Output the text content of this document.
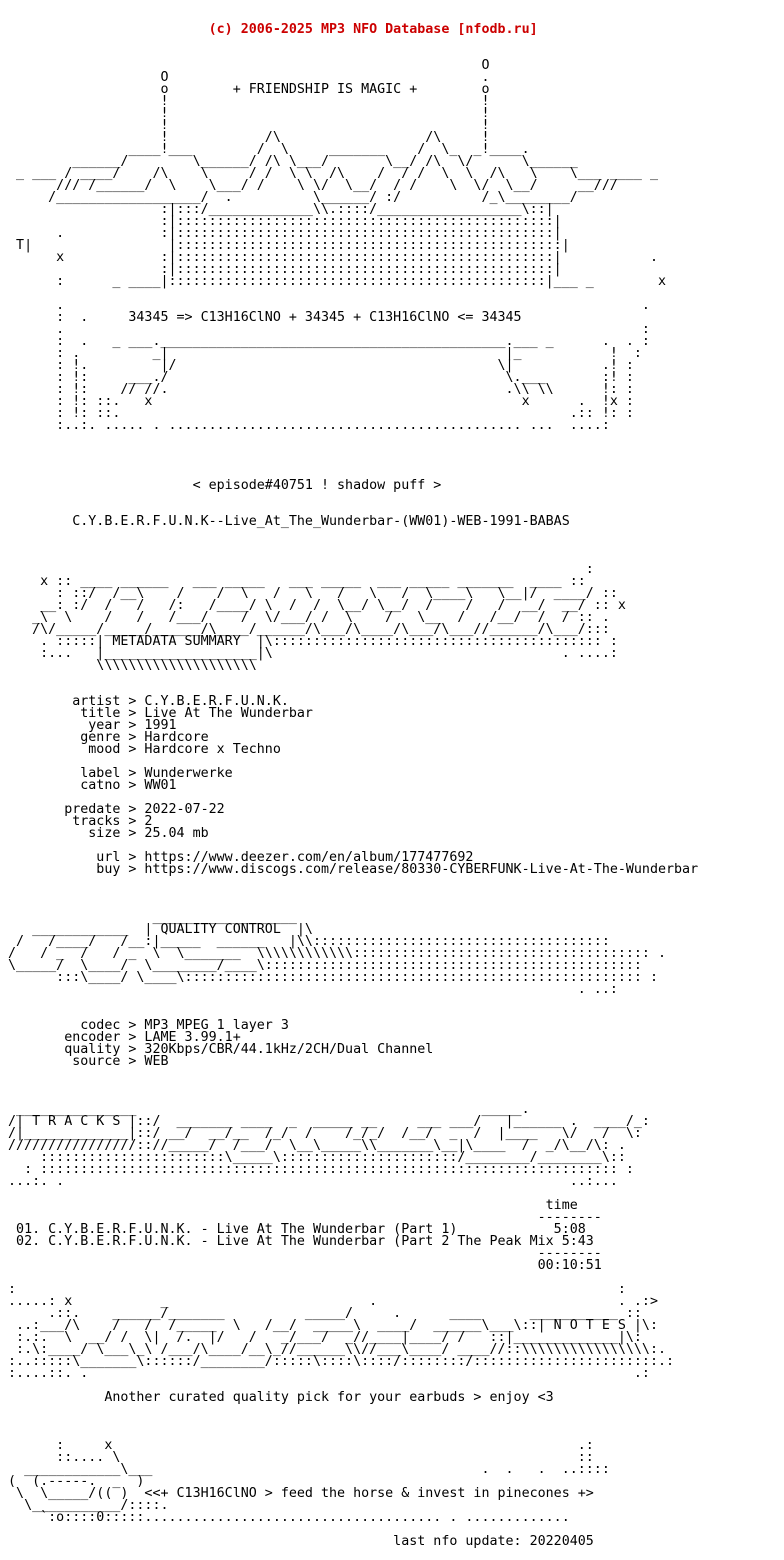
(c) 2006-2025 MP3 NFO Database [nfodb.ru]

O
O                                       .
o        + FRIENDSHIP IS MAGIC +        o
!                                       !
!                                       !
!                                       !
!            /\                  /\     !
____!___        /  \     _______    /  \_  _!____.
______/        \______/ /\ \___/       \__/ /\  \/      \______
_ ___ / ____/    /\    \     / /  \ \  /\    /  / /  \  \  /\   \    \___ ____ _
/// /______/  \    \___/ /    \ \/  \__/  / /    \  \/  \__/     __///
/__________________/  .          \______/ :/          /_\________/
:|:::/_____________\\.::::/__________________\::|
:|:::::::::::::::::::::::::::::::::::::::::::::::|
.            :|:::::::::::::::::::::::::::::::::::::::::::::::|
T|                 |::::::::::::::::::::::::::::::::::::::::::::::::|
x            :|:::::::::::::::::::::::::::::::::::::::::::::::|           .
:|:::::::::::::::::::::::::::::::::::::::::::::::|
:      _ ____|:::::::::::::::::::::::::::::::::::::::::::::::|___ _        x

.                                                                        .
:  .     34345 => C13H16ClNO + 34345 + C13H16ClNO <= 34345
.                                                                        :
:  .   _ ___.___________________________________________.___ _      .  . :
: .         _|                                          |_           !  :
: !.         |/                                        \|           .! :
: !:     ___./                                          \.___       :! :
: !:    // //.                                          .\\ \\      !: :
: !: ::.   x                                              x      .  !x :
: !: ::.                                                        .:: !: :
:..:. ..... . ............................................ ...  ....:

< episode#40751 ! shadow puff >

C.Y.B.E.R.F.U.N.K--Live_At_The_Wunderbar-(WW01)-WEB-1991-BABAS

:
x :: ____ ______   ___ _____   ___ _____  ___ _____ _______  ____ ::
: ::/  /__\    /    /  \   /   \   /   \   /  \____\   \__|/  ____/ ::
__: :/  /   /   /:   /____/ \  /  /  \__/ \__/  /    /   /  __/  __/ :: x
_\  \    /   /   /___/    /  \/___/ /  \    /   \__  /   /__/  /  / :: .
/\/_____/_____/______/\____/______/\___/\____/\___/\___//______/\___/:::
. :::::| METADATA SUMMARY  |\::::::::::::::::::::::::::::::::::::::::: :
:...   |___________________|\                                    . ....:
\\\\\\\\\\\\\\\\\\\\

artist > C.Y.B.E.R.F.U.N.K.
title > Live At The Wunderbar
year > 1991
genre > Hardcore
mood > Hardcore x Techno

label > Wunderwerke
catno > WW01

predate > 2022-07-22
tracks > 2
size > 25.04 mb

url > https://www.deezer.com/en/album/177477692
buy > https://www.discogs.com/release/80330-CYBERFUNK-Live-At-The-Wunderbar

__________________
____________  | QUALITY CONTROL  |\
/   /____/   /__:|_____  ______   |\\:::::::::::::::::::::::::::::::::::::
/   / _  /   / _  \  \_______  \\\\\\\\\\\\::::::::::::::::::::::::::::::::::::: .
\_____/  \____/  \________/____\:::::::::::::::::::::::::::::::::::::::::::::::
:::\____/ \____\::::::::::::::::::::::::::::::::::::::::::::::::::::::::: :
. ..:

codec > MP3 MPEG 1 layer 3
encoder > LAME 3.99.1+
quality > 320Kbps/CBR/44.1kHz/2CH/Dual Channel
source > WEB

_______________                                           _____.
/| T R A C K S |::/  _______ ____  _  _____ __     ___ ___/   |______ .  ____/_:
/|_____________|::/ __/  __/__  /_/  /    /_/_/  /__/  _  /  |____   \/   /  \:
////////////////:://_____/  /___/  \__\_____\\_______\__|\____  /  _/\__/\: .
:::::::::::::::::::::::\_____\::::::::::::::::::::::/________/________\::
: :::::::::::::::::::::::::::::::::::::::::::::::::::::::::::::::::::::::: :
...:. .                                                               ..:...

time
--------
01. C.Y.B.E.R.F.U.N.K. - Live At The Wunderbar (Part 1)            5:08
02. C.Y.B.E.R.F.U.N.K. - Live At The Wunderbar (Part 2 The Peak Mix 5:43
--------
00:10:51

:                                                                           :
.....: x           _                         .                              . .:>
.::.    ______/_______          _____/     .      ____      ___________ ::
..:___/\    /   /  /_____  \   /__/  _____\  ____/  ______\___\::| N O T E S |\:
:.:.  \  __/ /  \|  /.  |/   /   _/___/  _//____|____/ /   ::|_____________|\:
:.\:____/ \___\_\ /___/\____/__\_//______\\//___\____/ ____//::\\\\\\\\\\\\\\\\:.
:..:::::\_______\::::::/________/:::::\::::\::::/::::::::/:::::::::::::::::::::::.:
:....::. .                                                                    .:

Another curated quality pick for your earbuds > enjoy <3

:     x                                                          .:
::.... \                                                         ::
____________\___                                         .  .   .  ..::::
(  (.-----.  _  )
\  \_____/(( )  <<+ C13H16ClNO > feed the horse & invest in pinecones +>
\___________/::::.
`:o::::0:::::..................................... . .............

last nfo update: 20220405
